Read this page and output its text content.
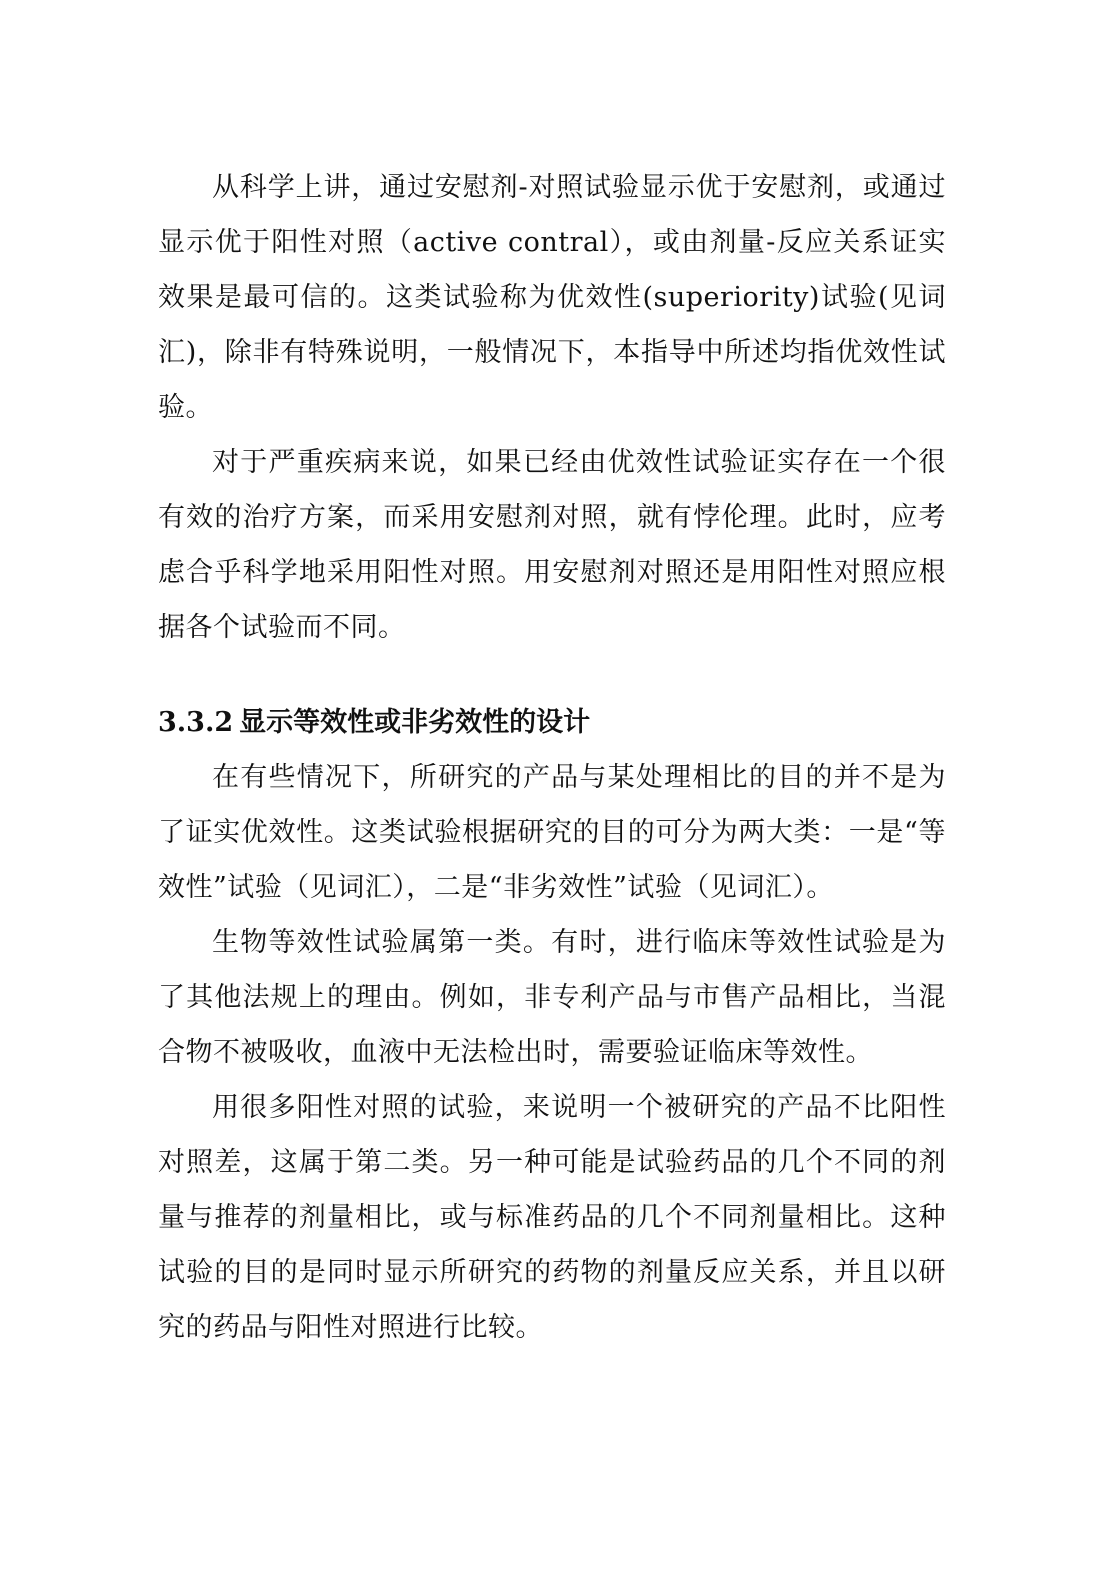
从科学上讲，通过安慰剂-对照试验显示优于安慰剂，或通过显示优于阳性对照（active contral），或由剂量-反应关系证实效果是最可信的。这类试验称为优效性(superiority)试验(见词汇)，除非有特殊说明，一般情况下，本指导中所述均指优效性试验。

对于严重疾病来说，如果已经由优效性试验证实存在一个很有效的治疗方案，而采用安慰剂对照，就有悖伦理。此时，应考虑合乎科学地采用阳性对照。用安慰剂对照还是用阳性对照应根据各个试验而不同。

3.3.2 显示等效性或非劣效性的设计

在有些情况下，所研究的产品与某处理相比的目的并不是为了证实优效性。这类试验根据研究的目的可分为两大类：一是“等效性”试验（见词汇），二是“非劣效性”试验（见词汇）。

生物等效性试验属第一类。有时，进行临床等效性试验是为了其他法规上的理由。例如，非专利产品与市售产品相比，当混合物不被吸收，血液中无法检出时，需要验证临床等效性。

用很多阳性对照的试验，来说明一个被研究的产品不比阳性对照差，这属于第二类。另一种可能是试验药品的几个不同的剂量与推荐的剂量相比，或与标准药品的几个不同剂量相比。这种试验的目的是同时显示所研究的药物的剂量反应关系，并且以研究的药品与阳性对照进行比较。
